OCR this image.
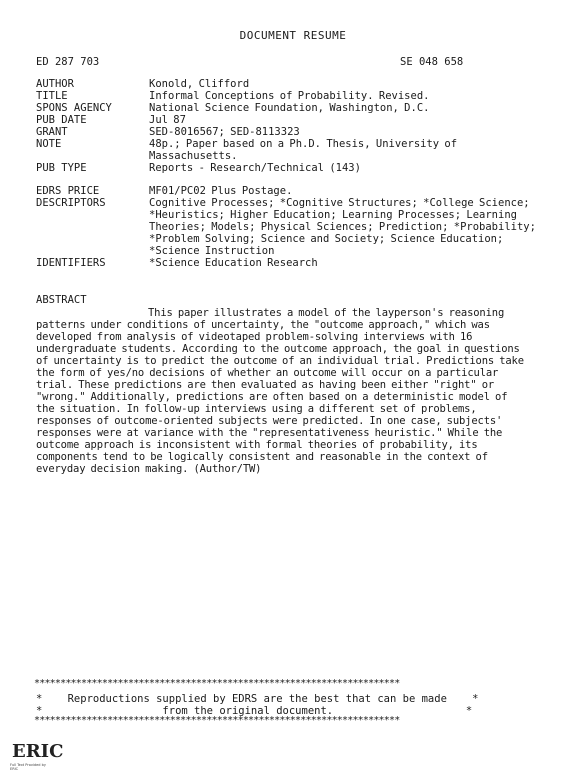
DOCUMENT RESUME
ED 287 703	SE 048 658
AUTHOR	Konold, Clifford
TITLE	Informal Conceptions of Probability. Revised.
SPONS AGENCY	National Science Foundation, Washington, D.C.
PUB DATE	Jul 87
GRANT	SED-8016567; SED-8113323
NOTE	48p.; Paper based on a Ph.D. Thesis, University of Massachusetts.
PUB TYPE	Reports - Research/Technical (143)
EDRS PRICE	MF01/PC02 Plus Postage.
DESCRIPTORS	Cognitive Processes; *Cognitive Structures; *College Science; *Heuristics; Higher Education; Learning Processes; Learning Theories; Models; Physical Sciences; Prediction; *Probability; *Problem Solving; Science and Society; Science Education; *Science Instruction
IDENTIFIERS	*Science Education Research
ABSTRACT
This paper illustrates a model of the layperson's reasoning patterns under conditions of uncertainty, the "outcome approach," which was developed from analysis of videotaped problem-solving interviews with 16 undergraduate students. According to the outcome approach, the goal in questions of uncertainty is to predict the outcome of an individual trial. Predictions take the form of yes/no decisions of whether an outcome will occur on a particular trial. These predictions are then evaluated as having been either "right" or "wrong." Additionally, predictions are often based on a deterministic model of the situation. In follow-up interviews using a different set of problems, responses of outcome-oriented subjects were predicted. In one case, subjects' responses were at variance with the "representativeness heuristic." While the outcome approach is inconsistent with formal theories of probability, its components tend to be logically consistent and reasonable in the context of everyday decision making. (Author/TW)
**********************************************************************
*    Reproductions supplied by EDRS are the best that can be made    *
*                   from the original document.                     *
**********************************************************************
ERIC
Full Text Provided by ERIC
